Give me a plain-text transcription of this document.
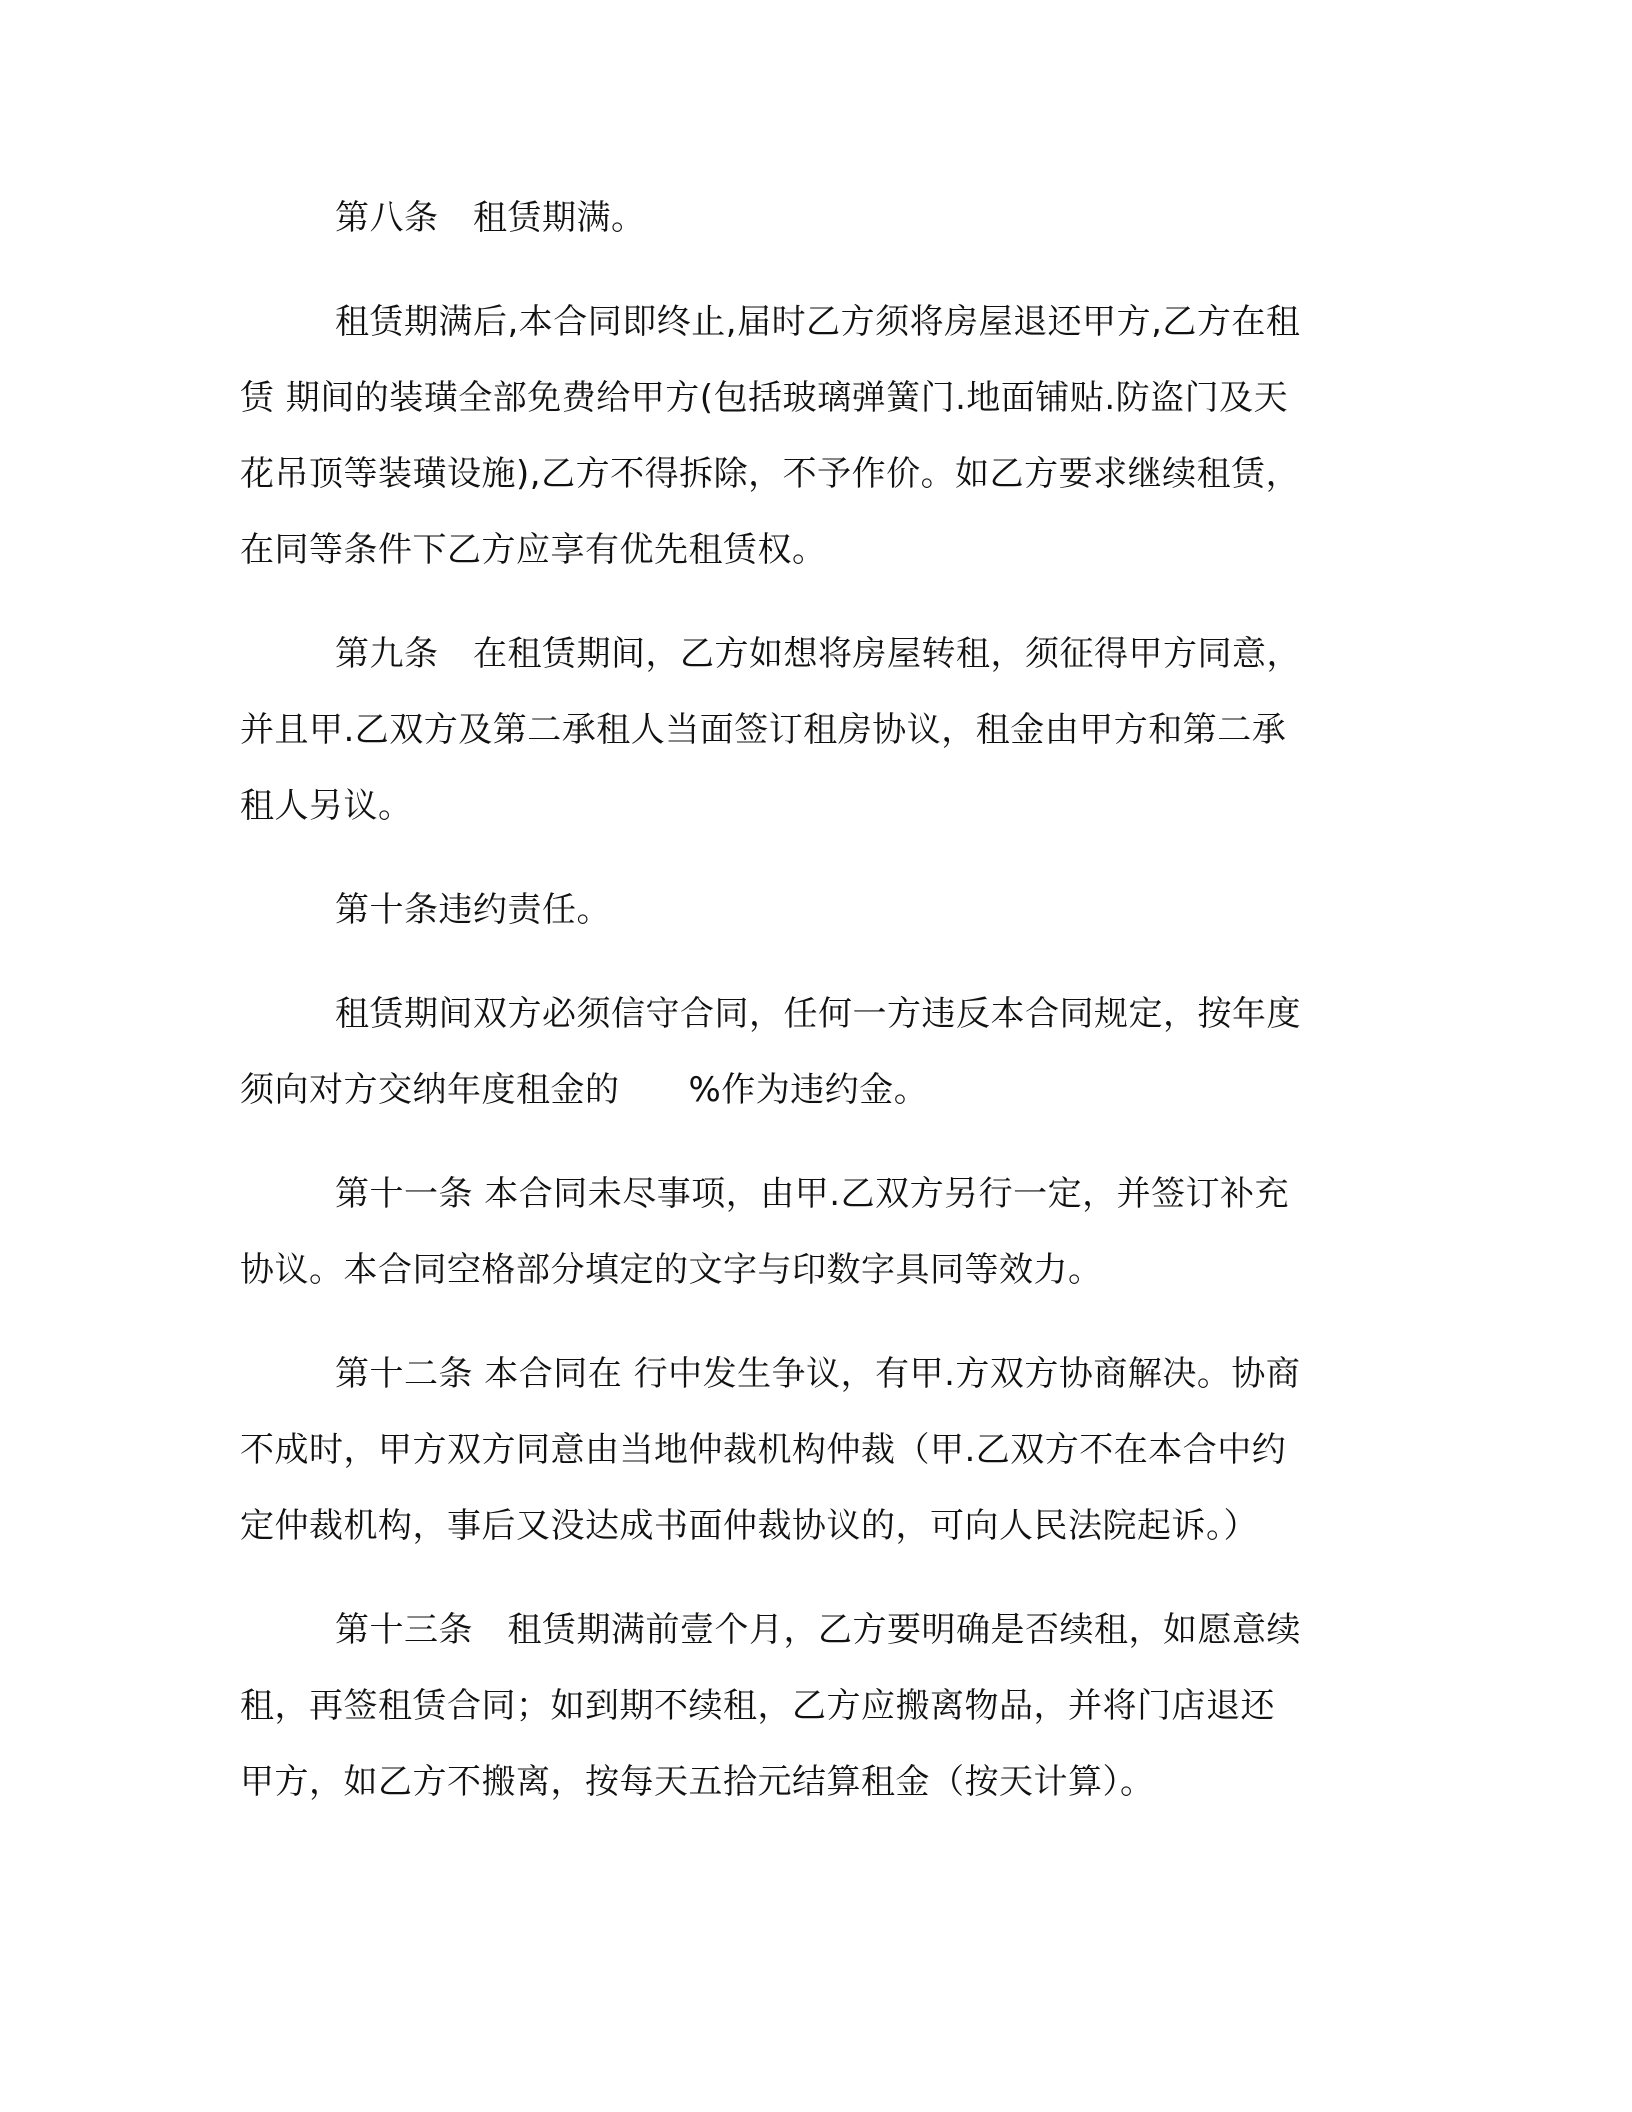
第八条　租赁期满。
租赁期满后,本合同即终止,届时乙方须将房屋退还甲方,乙方在租
赁 期间的装璜全部免费给甲方(包括玻璃弹簧门.地面铺贴.防盗门及天
花吊顶等装璜设施),乙方不得拆除，不予作价。如乙方要求继续租赁，
在同等条件下乙方应享有优先租赁权。
第九条　在租赁期间，乙方如想将房屋转租，须征得甲方同意，
并且甲.乙双方及第二承租人当面签订租房协议，租金由甲方和第二承
租人另议。
第十条违约责任。
租赁期间双方必须信守合同，任何一方违反本合同规定，按年度
须向对方交纳年度租金的　　%作为违约金。
第十一条 本合同未尽事项，由甲.乙双方另行一定，并签订补充
协议。本合同空格部分填定的文字与印数字具同等效力。
第十二条 本合同在 行中发生争议，有甲.方双方协商解决。协商
不成时，甲方双方同意由当地仲裁机构仲裁（甲.乙双方不在本合中约
定仲裁机构，事后又没达成书面仲裁协议的，可向人民法院起诉。）
第十三条　租赁期满前壹个月，乙方要明确是否续租，如愿意续
租，再签租赁合同；如到期不续租，乙方应搬离物品，并将门店退还
甲方，如乙方不搬离，按每天五拾元结算租金（按天计算）。
